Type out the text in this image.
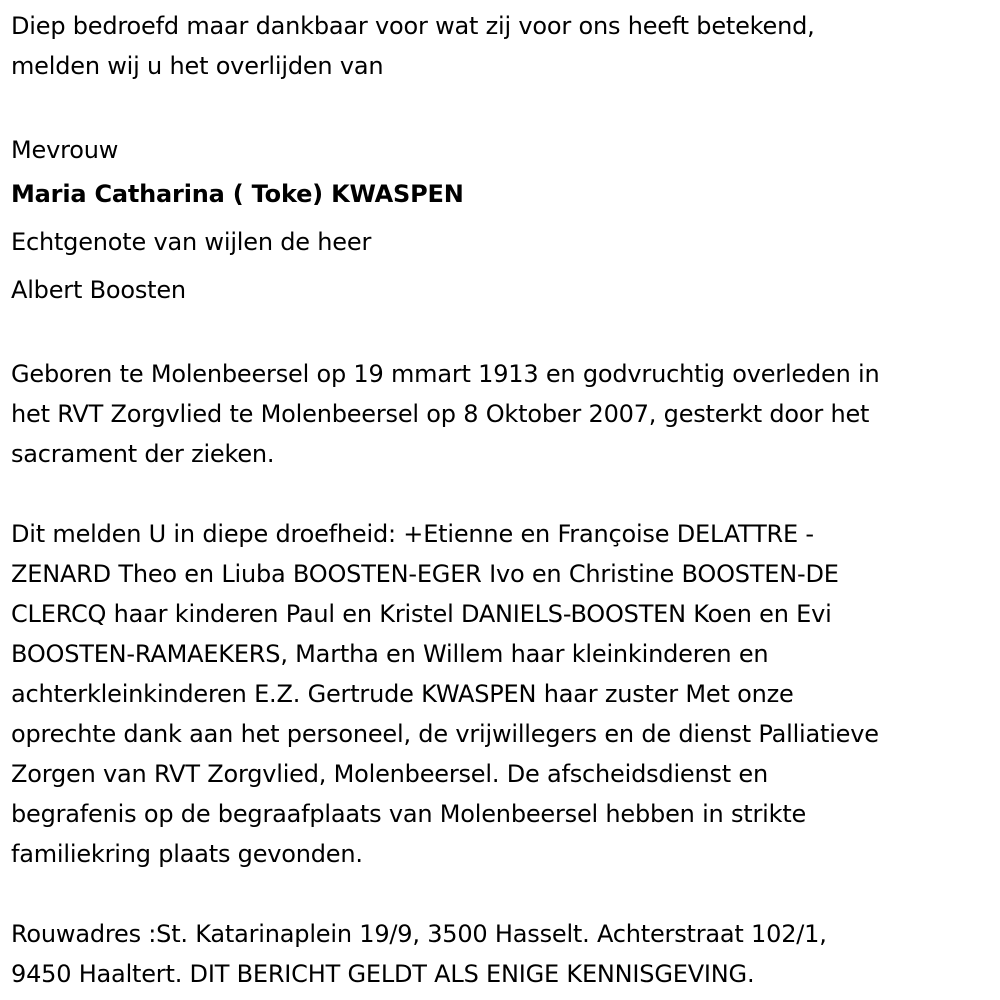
Diep bedroefd maar dankbaar voor wat zij voor ons heeft betekend,
melden wij u het overlijden van

Mevrouw
Maria Catharina ( Toke) KWASPEN
Echtgenote van wijlen de heer
Albert Boosten

Geboren te Molenbeersel op 19 mmart 1913 en godvruchtig overleden in
het RVT Zorgvlied te Molenbeersel op 8 Oktober 2007, gesterkt door het
sacrament der zieken.

Dit melden U in diepe droefheid: +Etienne en Françoise DELATTRE -
ZENARD Theo en Liuba BOOSTEN-EGER Ivo en Christine BOOSTEN-DE
CLERCQ haar kinderen Paul en Kristel DANIELS-BOOSTEN Koen en Evi
BOOSTEN-RAMAEKERS, Martha en Willem haar kleinkinderen en
achterkleinkinderen E.Z. Gertrude KWASPEN haar zuster Met onze
oprechte dank aan het personeel, de vrijwillegers en de dienst Palliatieve
Zorgen van RVT Zorgvlied, Molenbeersel. De afscheidsdienst en
begrafenis op de begraafplaats van Molenbeersel hebben in strikte
familiekring plaats gevonden.

Rouwadres :St. Katarinaplein 19/9, 3500 Hasselt. Achterstraat 102/1,
9450 Haaltert. DIT BERICHT GELDT ALS ENIGE KENNISGEVING.
